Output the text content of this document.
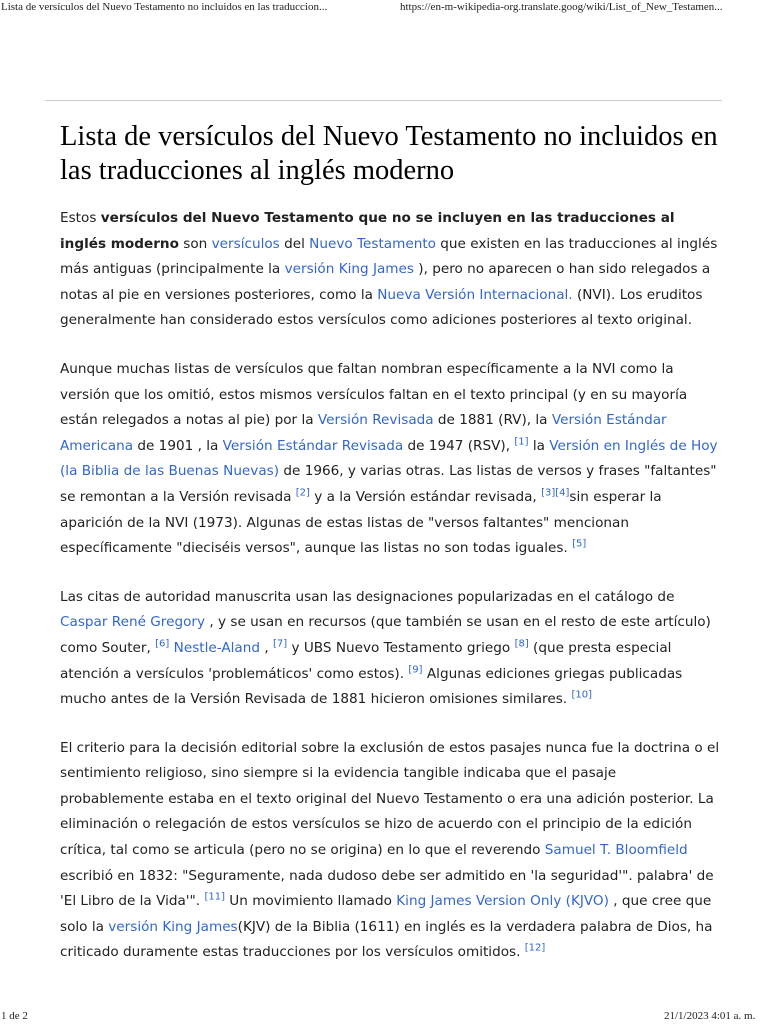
Lista de versículos del Nuevo Testamento no incluidos en las traduccion...	https://en-m-wikipedia-org.translate.goog/wiki/List_of_New_Testamen...
Lista de versículos del Nuevo Testamento no incluidos en las traducciones al inglés moderno

Estos versículos del Nuevo Testamento que no se incluyen en las traducciones al inglés moderno son versículos del Nuevo Testamento que existen en las traducciones al inglés más antiguas (principalmente la versión King James ), pero no aparecen o han sido relegados a notas al pie en versiones posteriores, como la Nueva Versión Internacional. (NVI). Los eruditos generalmente han considerado estos versículos como adiciones posteriores al texto original.

Aunque muchas listas de versículos que faltan nombran específicamente a la NVI como la versión que los omitió, estos mismos versículos faltan en el texto principal (y en su mayoría están relegados a notas al pie) por la Versión Revisada de 1881 (RV), la Versión Estándar Americana de 1901 , la Versión Estándar Revisada de 1947 (RSV), [1] la Versión en Inglés de Hoy (la Biblia de las Buenas Nuevas) de 1966, y varias otras. Las listas de versos y frases "faltantes" se remontan a la Versión revisada [2] y a la Versión estándar revisada, [3][4]sin esperar la aparición de la NVI (1973). Algunas de estas listas de "versos faltantes" mencionan específicamente "dieciséis versos", aunque las listas no son todas iguales. [5]

Las citas de autoridad manuscrita usan las designaciones popularizadas en el catálogo de Caspar René Gregory , y se usan en recursos (que también se usan en el resto de este artículo) como Souter, [6] Nestle-Aland , [7] y UBS Nuevo Testamento griego [8] (que presta especial atención a versículos 'problemáticos' como estos). [9] Algunas ediciones griegas publicadas mucho antes de la Versión Revisada de 1881 hicieron omisiones similares. [10]

El criterio para la decisión editorial sobre la exclusión de estos pasajes nunca fue la doctrina o el sentimiento religioso, sino siempre si la evidencia tangible indicaba que el pasaje probablemente estaba en el texto original del Nuevo Testamento o era una adición posterior. La eliminación o relegación de estos versículos se hizo de acuerdo con el principio de la edición crítica, tal como se articula (pero no se origina) en lo que el reverendo Samuel T. Bloomfield escribió en 1832: "Seguramente, nada dudoso debe ser admitido en 'la seguridad'". palabra' de 'El Libro de la Vida'". [11] Un movimiento llamado King James Version Only (KJVO) , que cree que solo la versión King James(KJV) de la Biblia (1611) en inglés es la verdadera palabra de Dios, ha criticado duramente estas traducciones por los versículos omitidos. [12]

1 de 2	21/1/2023 4:01 a. m.
